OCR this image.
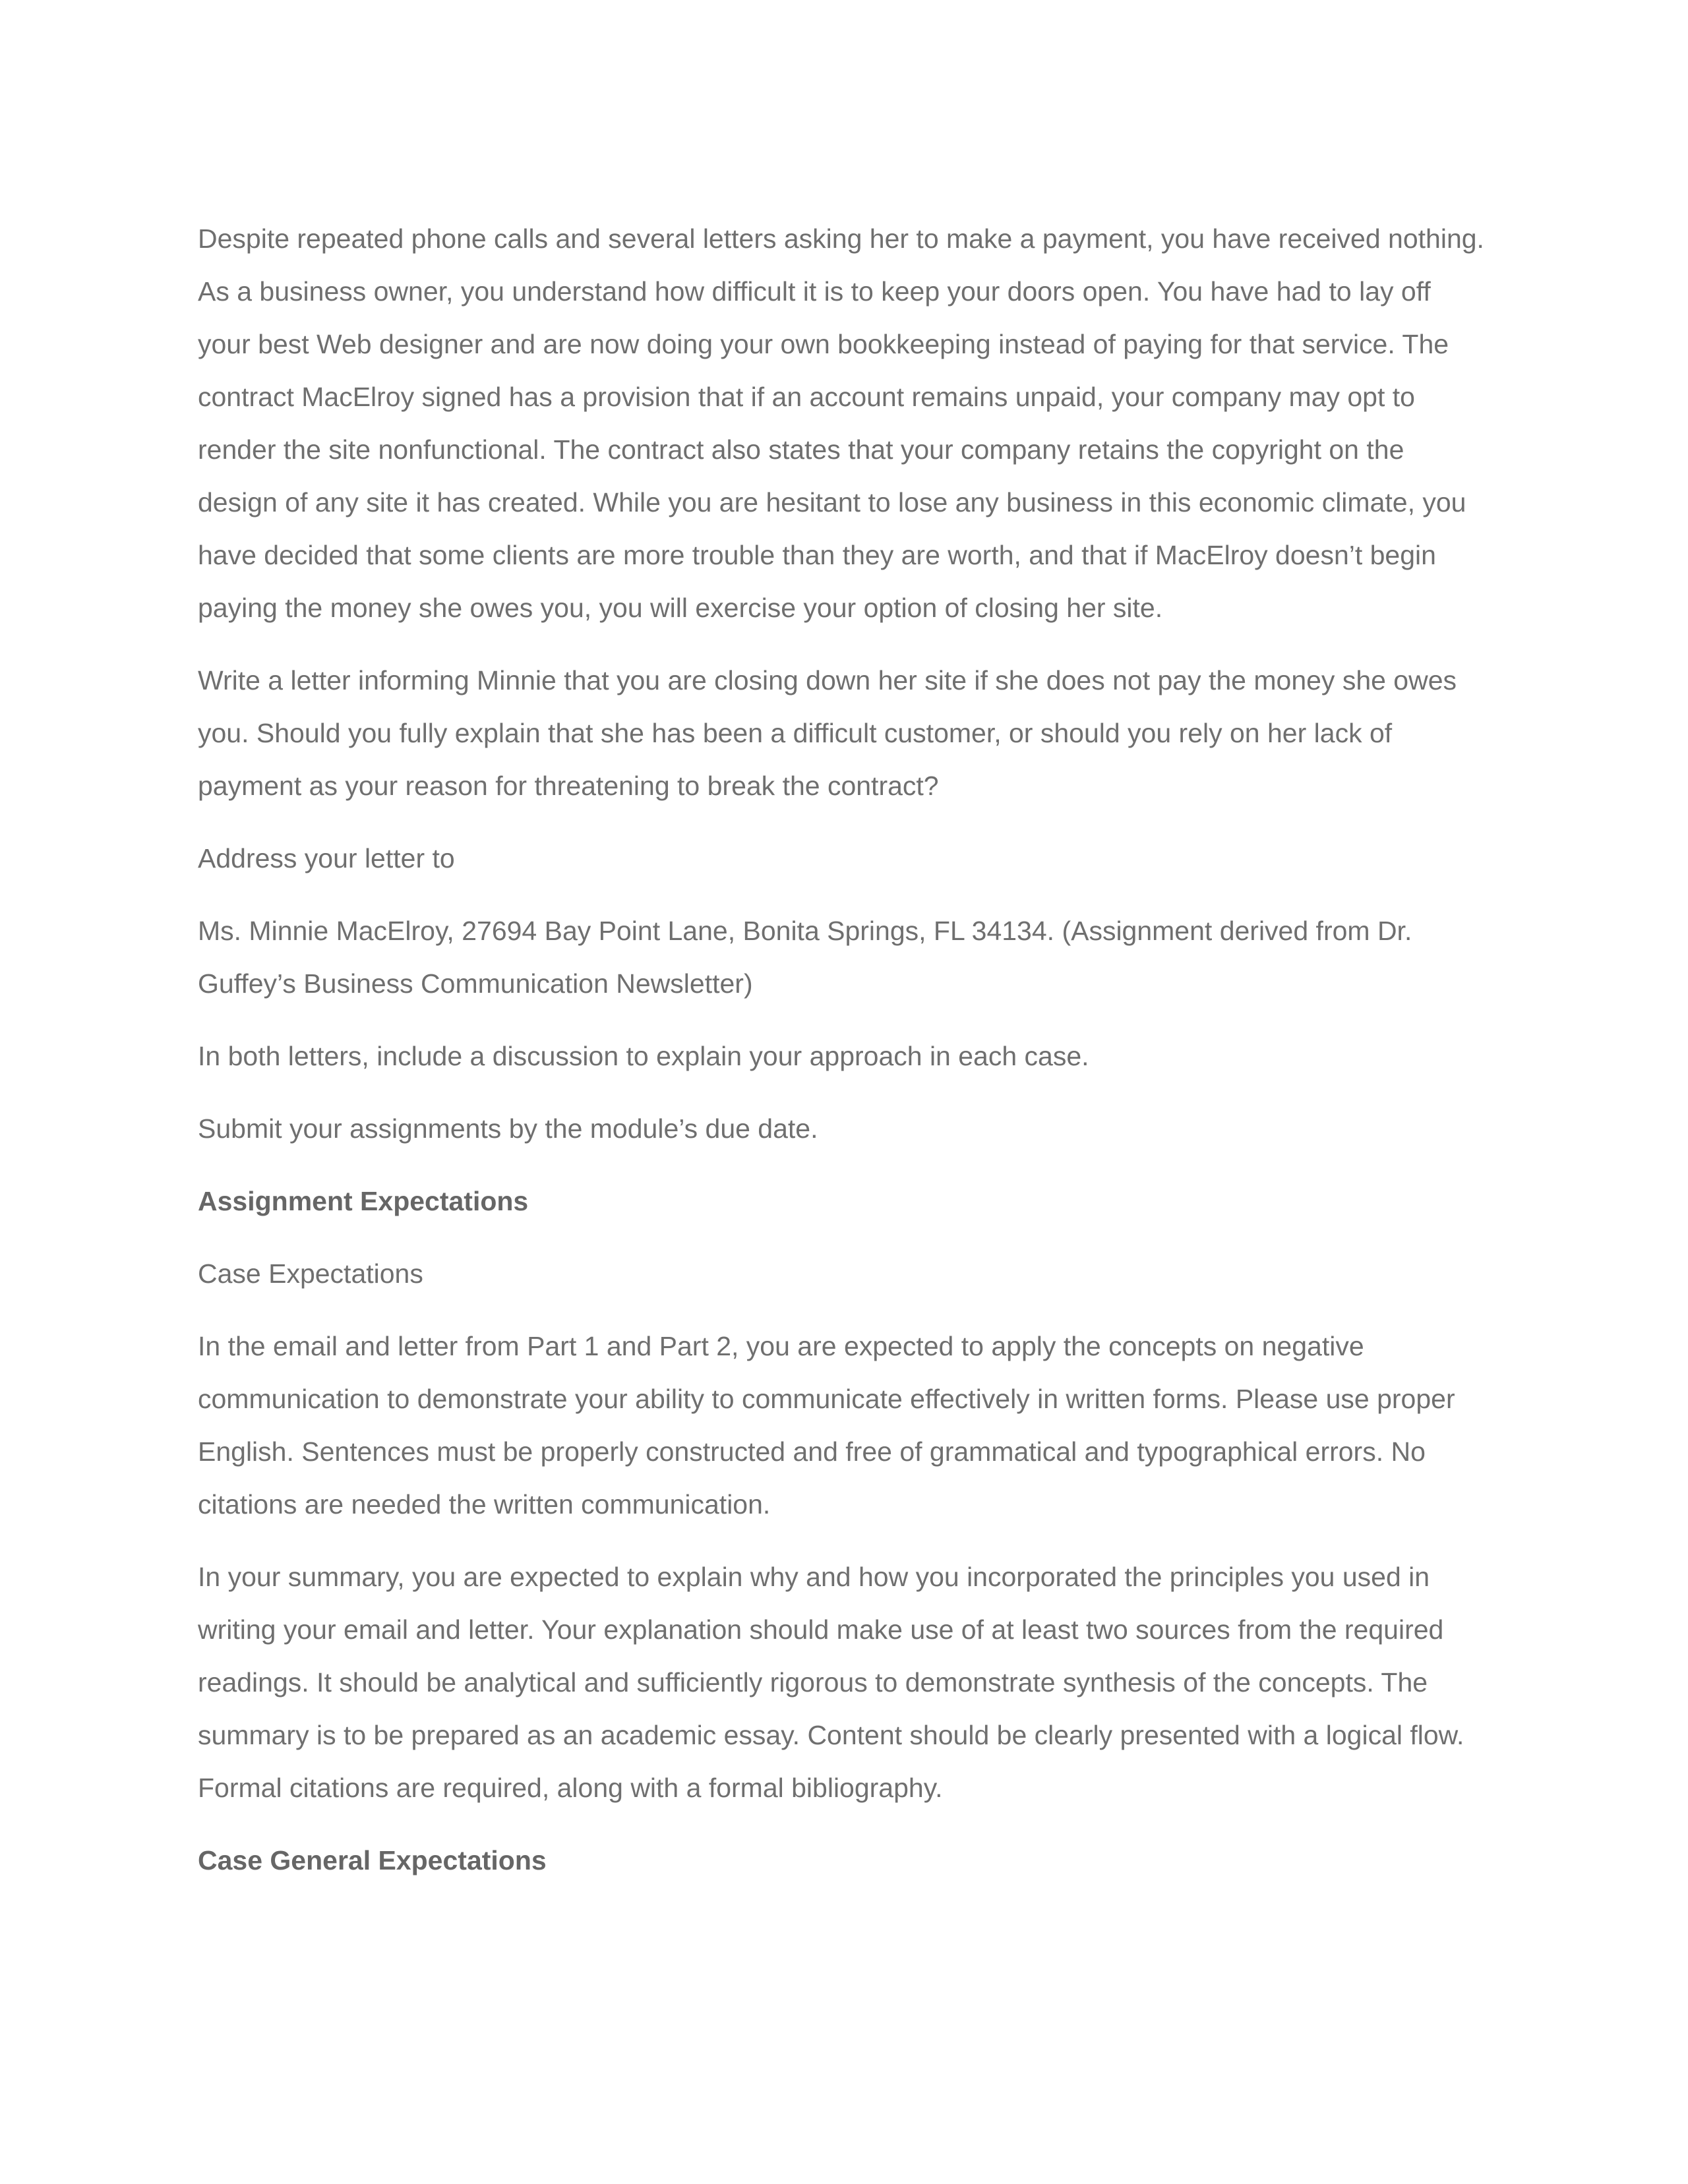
Despite repeated phone calls and several letters asking her to make a payment, you have received nothing. As a business owner, you understand how difficult it is to keep your doors open. You have had to lay off your best Web designer and are now doing your own bookkeeping instead of paying for that service. The contract MacElroy signed has a provision that if an account remains unpaid, your company may opt to render the site nonfunctional. The contract also states that your company retains the copyright on the design of any site it has created. While you are hesitant to lose any business in this economic climate, you have decided that some clients are more trouble than they are worth, and that if MacElroy doesn’t begin paying the money she owes you, you will exercise your option of closing her site.

Write a letter informing Minnie that you are closing down her site if she does not pay the money she owes you. Should you fully explain that she has been a difficult customer, or should you rely on her lack of payment as your reason for threatening to break the contract?

Address your letter to

Ms. Minnie MacElroy, 27694 Bay Point Lane, Bonita Springs, FL 34134. (Assignment derived from Dr. Guffey’s Business Communication Newsletter)

In both letters, include a discussion to explain your approach in each case.

Submit your assignments by the module’s due date.

Assignment Expectations

Case Expectations

In the email and letter from Part 1 and Part 2, you are expected to apply the concepts on negative communication to demonstrate your ability to communicate effectively in written forms. Please use proper English. Sentences must be properly constructed and free of grammatical and typographical errors. No citations are needed the written communication.

In your summary, you are expected to explain why and how you incorporated the principles you used in writing your email and letter. Your explanation should make use of at least two sources from the required readings. It should be analytical and sufficiently rigorous to demonstrate synthesis of the concepts. The summary is to be prepared as an academic essay. Content should be clearly presented with a logical flow. Formal citations are required, along with a formal bibliography.

Case General Expectations
